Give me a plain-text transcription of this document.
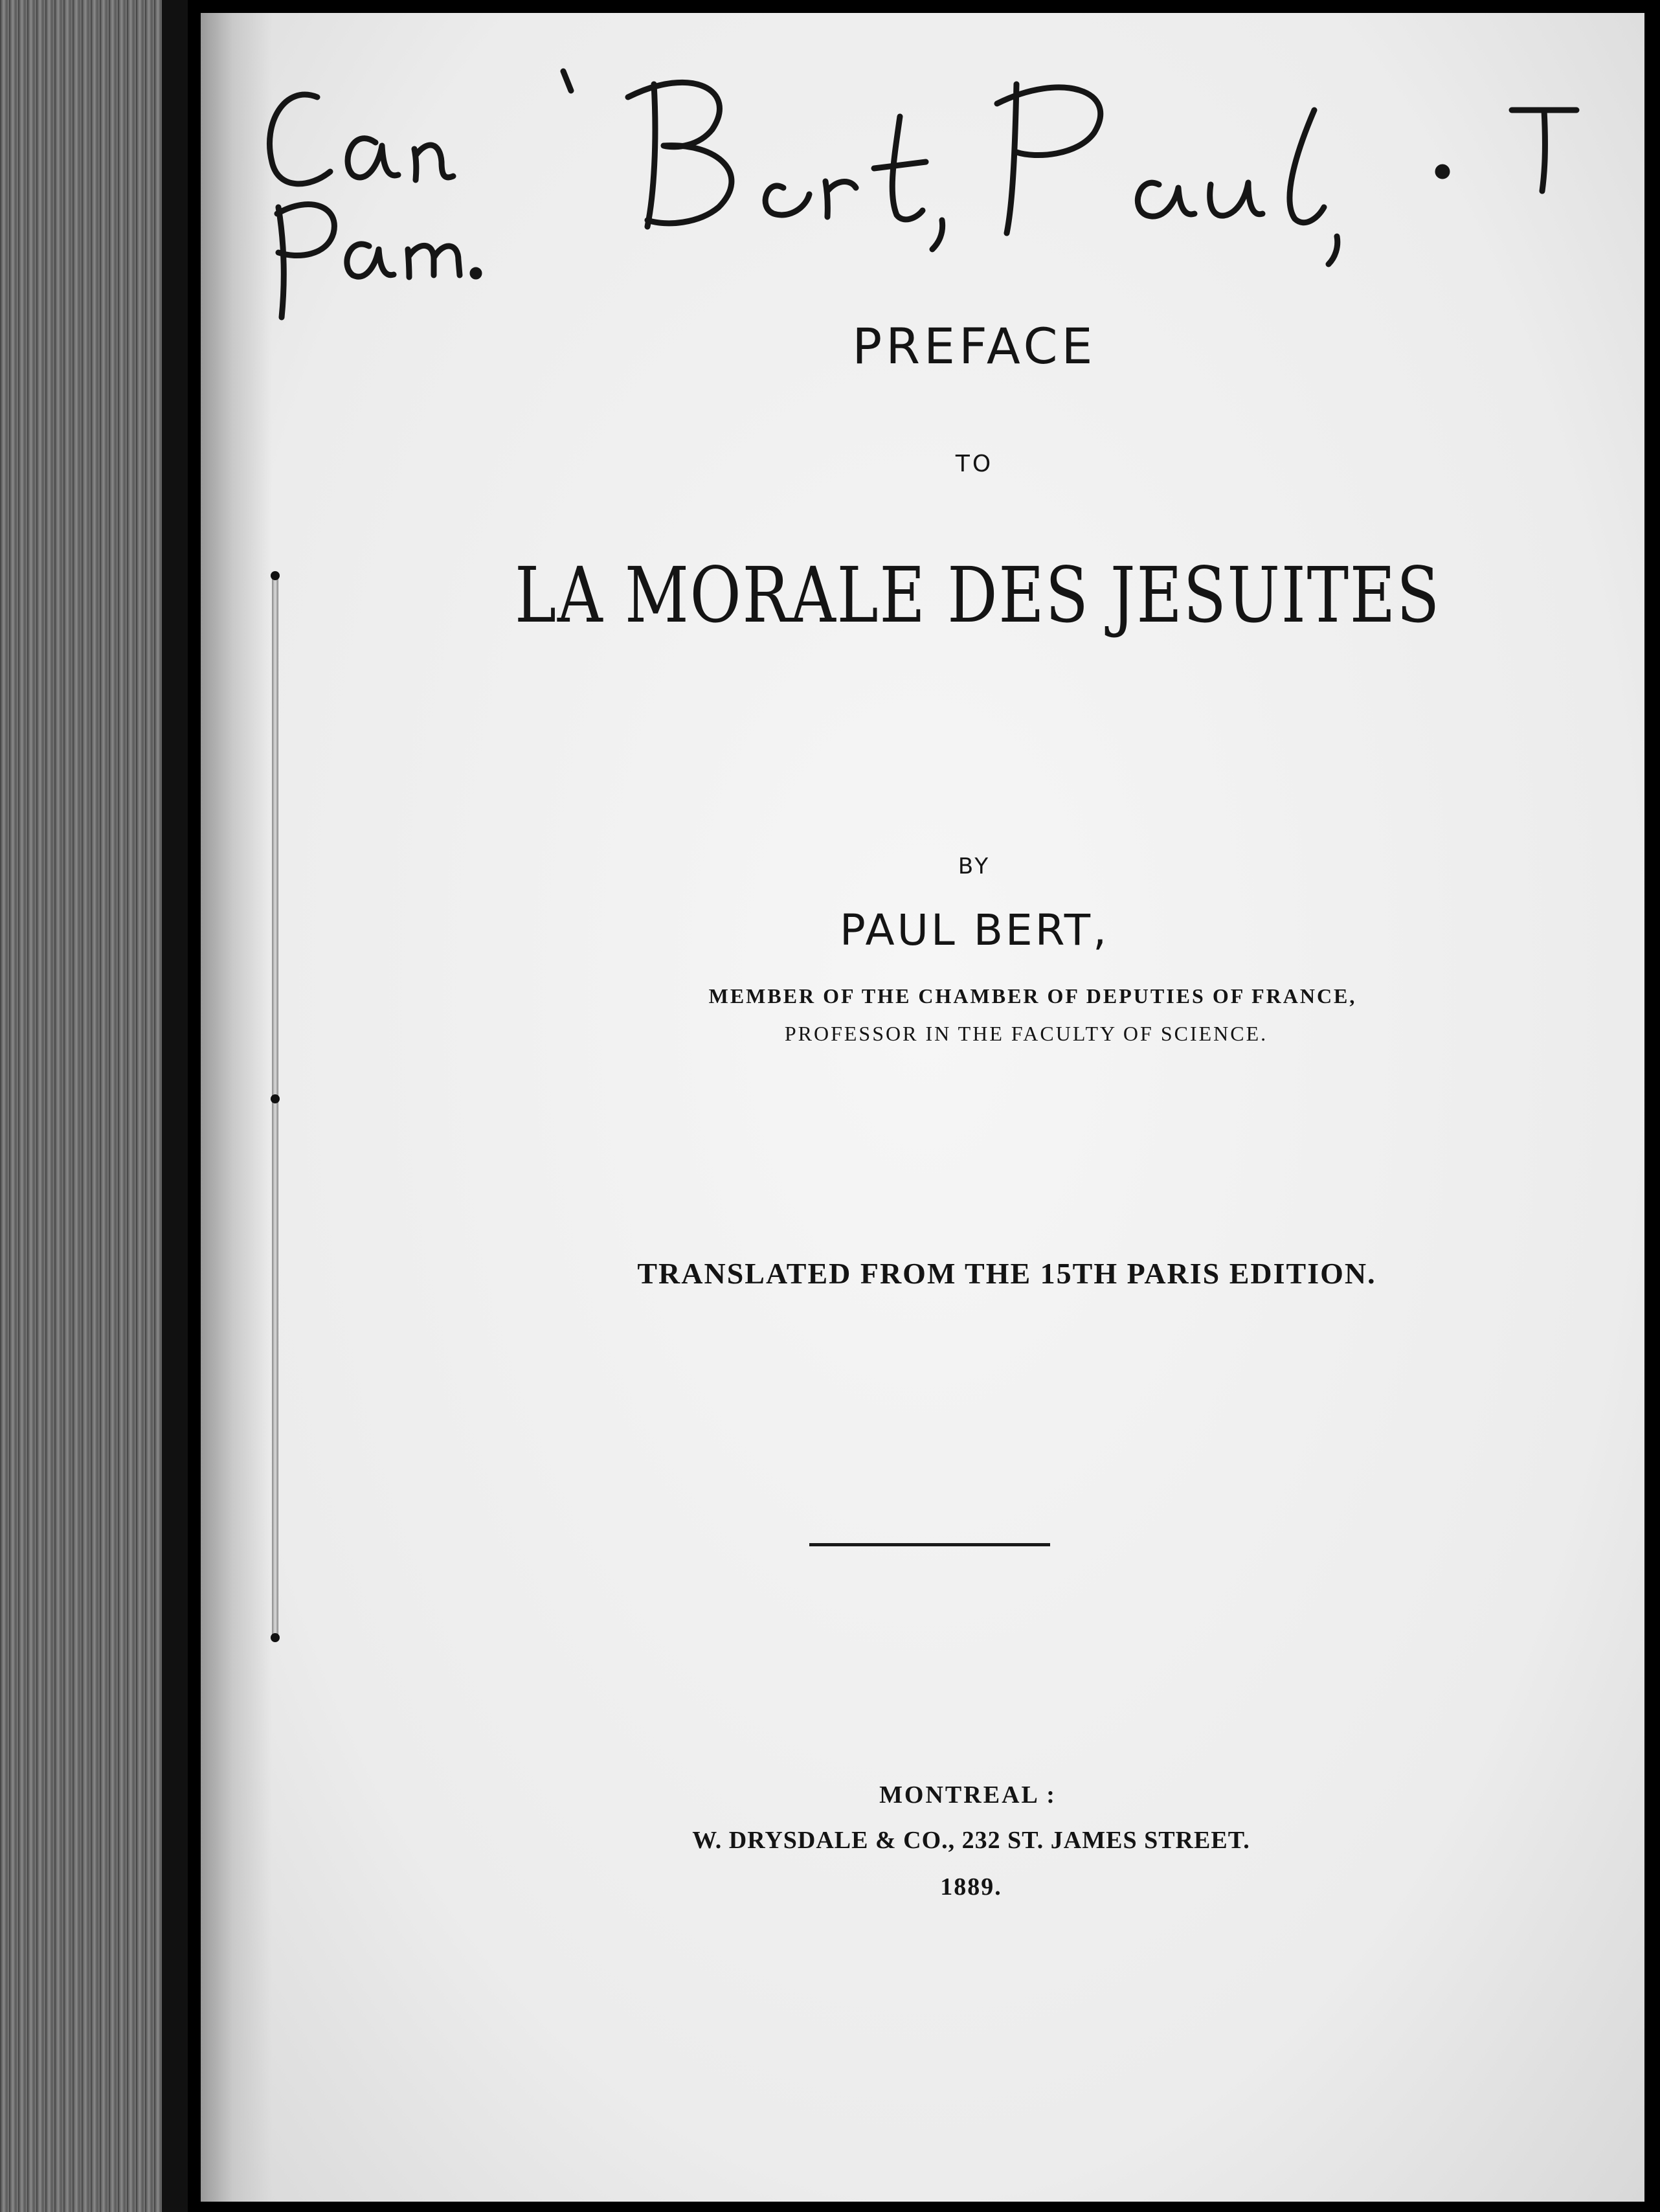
PREFACE
TO
LA MORALE DES JESUITES
BY
PAUL BERT,
MEMBER OF THE CHAMBER OF DEPUTIES OF FRANCE,
PROFESSOR IN THE FACULTY OF SCIENCE.
TRANSLATED FROM THE 15TH PARIS EDITION.
MONTREAL :
W. DRYSDALE & CO., 232 ST. JAMES STREET.
1889.
